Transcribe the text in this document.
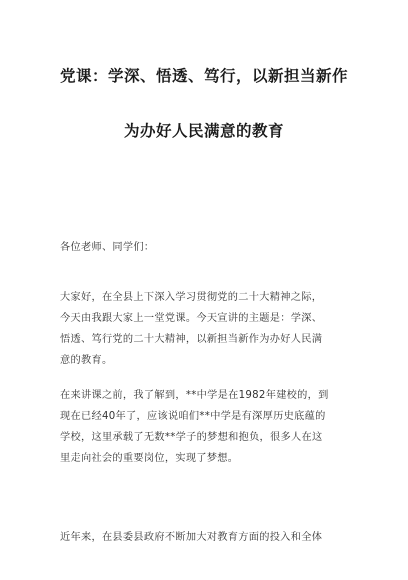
党课：学深、悟透、笃行，以新担当新作
为办好人民满意的教育
各位老师、同学们：
大家好，在全县上下深入学习贯彻党的二十大精神之际，
今天由我跟大家上一堂党课。今天宣讲的主题是：学深、
悟透、笃行党的二十大精神，以新担当新作为办好人民满
意的教育。
在来讲课之前，我了解到，**中学是在1982年建校的，到
现在已经40年了，应该说咱们**中学是有深厚历史底蕴的
学校，这里承载了无数**学子的梦想和抱负，很多人在这
里走向社会的重要岗位，实现了梦想。
近年来，在县委县政府不断加大对教育方面的投入和全体
